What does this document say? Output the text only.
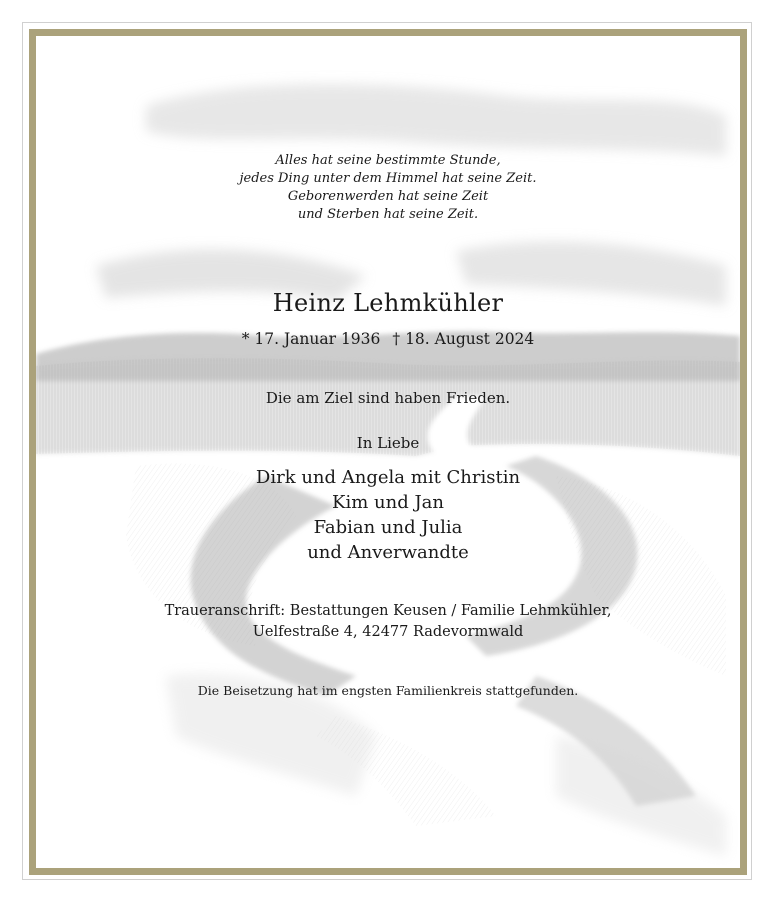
Alles hat seine bestimmte Stunde,
jedes Ding unter dem Himmel hat seine Zeit.
Geborenwerden hat seine Zeit
und Sterben hat seine Zeit.
Heinz Lehmkühler
* 17. Januar 1936 † 18. August 2024
Die am Ziel sind haben Frieden.
In Liebe
Dirk und Angela mit Christin
Kim und Jan
Fabian und Julia
und Anverwandte
Traueranschrift: Bestattungen Keusen / Familie Lehmkühler,
Uelfestraße 4, 42477 Radevormwald
Die Beisetzung hat im engsten Familienkreis stattgefunden.
